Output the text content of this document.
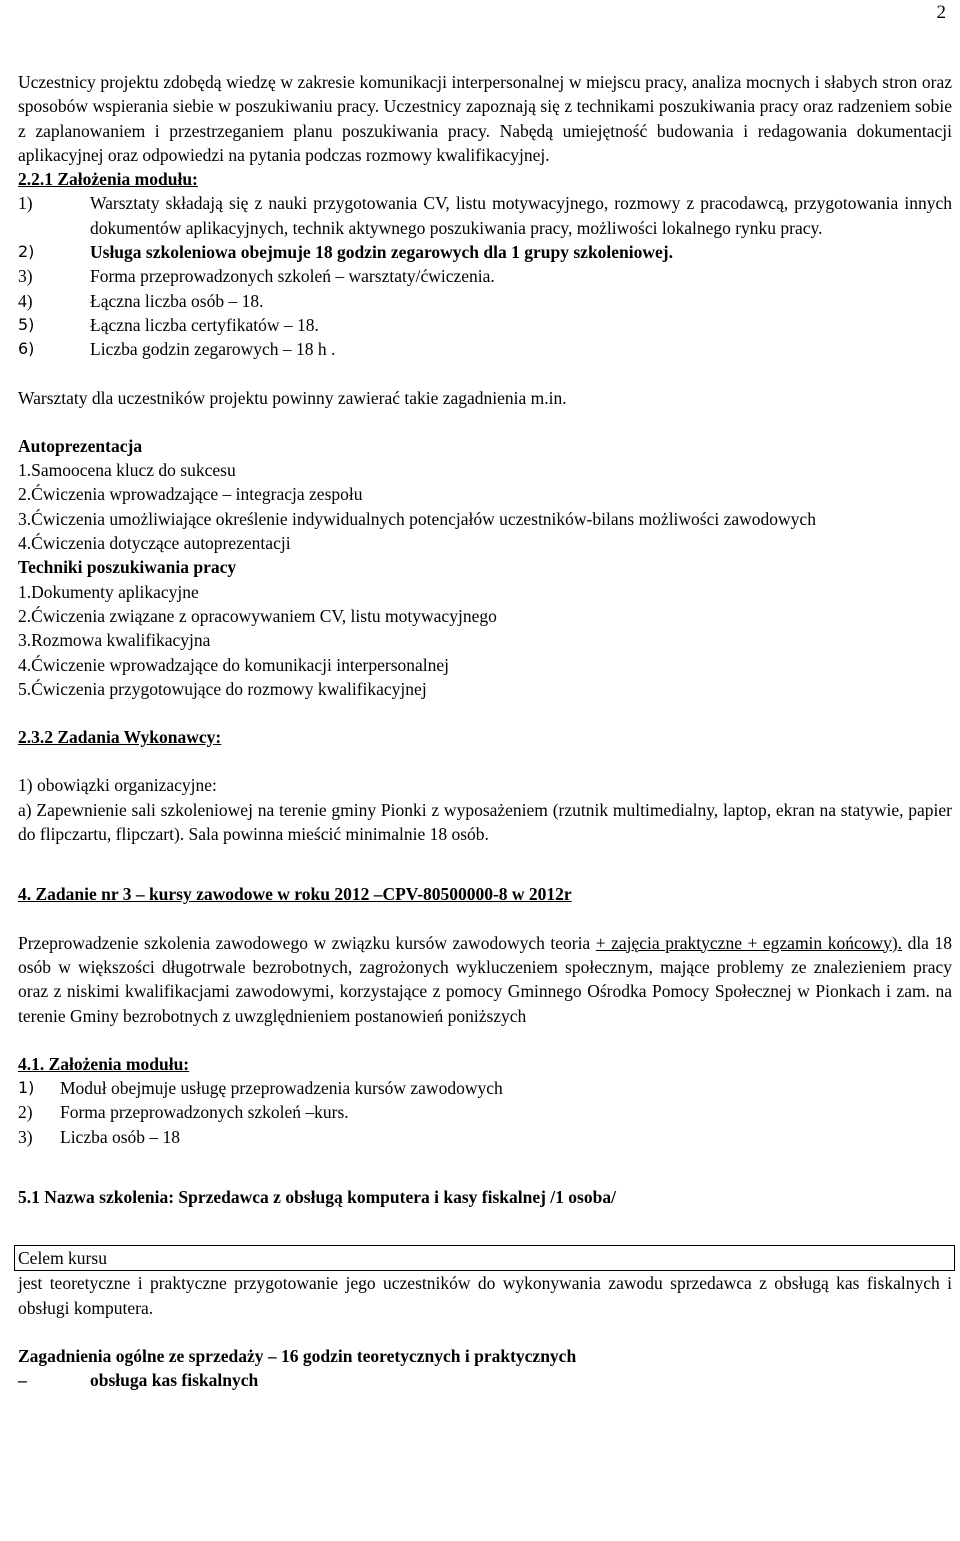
2

Uczestnicy projektu zdobędą wiedzę w zakresie komunikacji interpersonalnej w miejscu pracy, analiza mocnych i słabych stron oraz sposobów wspierania siebie w poszukiwaniu pracy. Uczestnicy zapoznają się z technikami poszukiwania pracy oraz radzeniem sobie z zaplanowaniem i przestrzeganiem planu poszukiwania pracy. Nabędą umiejętność budowania i redagowania dokumentacji aplikacyjnej oraz odpowiedzi na pytania podczas rozmowy kwalifikacyjnej.

2.2.1 Założenia modułu:

1)	Warsztaty składają się z nauki przygotowania CV, listu motywacyjnego, rozmowy z pracodawcą, przygotowania innych dokumentów aplikacyjnych, technik aktywnego poszukiwania pracy, możliwości lokalnego rynku pracy.
2)	Usługa szkoleniowa obejmuje 18 godzin zegarowych dla 1 grupy szkoleniowej.
3)	Forma przeprowadzonych szkoleń – warsztaty/ćwiczenia.
4)	Łączna liczba osób – 18.
5)	Łączna liczba certyfikatów – 18.
6)	Liczba godzin zegarowych – 18 h .

Warsztaty dla uczestników projektu powinny zawierać takie zagadnienia m.in.

Autoprezentacja

1.Samoocena klucz do sukcesu

2.Ćwiczenia wprowadzające – integracja zespołu

3.Ćwiczenia umożliwiające określenie indywidualnych potencjałów uczestników-bilans możliwości zawodowych

4.Ćwiczenia dotyczące autoprezentacji

Techniki poszukiwania pracy

1.Dokumenty aplikacyjne

2.Ćwiczenia związane z opracowywaniem CV, listu motywacyjnego

3.Rozmowa kwalifikacyjna

4.Ćwiczenie wprowadzające do komunikacji interpersonalnej

5.Ćwiczenia przygotowujące do rozmowy kwalifikacyjnej

2.3.2 Zadania Wykonawcy:

1) obowiązki organizacyjne:

a) Zapewnienie sali szkoleniowej na terenie gminy Pionki z wyposażeniem (rzutnik multimedialny, laptop, ekran na statywie, papier do flipczartu, flipczart). Sala powinna mieścić minimalnie 18 osób.

4. Zadanie nr 3 – kursy zawodowe w roku 2012 –CPV-80500000-8 w 2012r

Przeprowadzenie szkolenia zawodowego w związku kursów zawodowych teoria + zajęcia praktyczne + egzamin końcowy). dla 18 osób w większości długotrwale bezrobotnych, zagrożonych wykluczeniem społecznym, mające problemy ze znalezieniem pracy oraz z niskimi kwalifikacjami zawodowymi, korzystające z pomocy Gminnego Ośrodka Pomocy Społecznej w Pionkach i zam. na terenie Gminy bezrobotnych z uwzględnieniem postanowień poniższych

4.1. Założenia modułu:

1)	Moduł obejmuje usługę przeprowadzenia kursów zawodowych
2)	Forma przeprowadzonych szkoleń –kurs.
3)	Liczba osób – 18

5.1 Nazwa szkolenia: Sprzedawca z obsługą komputera i kasy fiskalnej /1 osoba/

Celem kursu

jest teoretyczne i praktyczne przygotowanie jego uczestników do wykonywania zawodu sprzedawca z obsługą kas fiskalnych i obsługi komputera.

Zagadnienia ogólne ze sprzedaży – 16 godzin teoretycznych i praktycznych

–	obsługa kas fiskalnych
